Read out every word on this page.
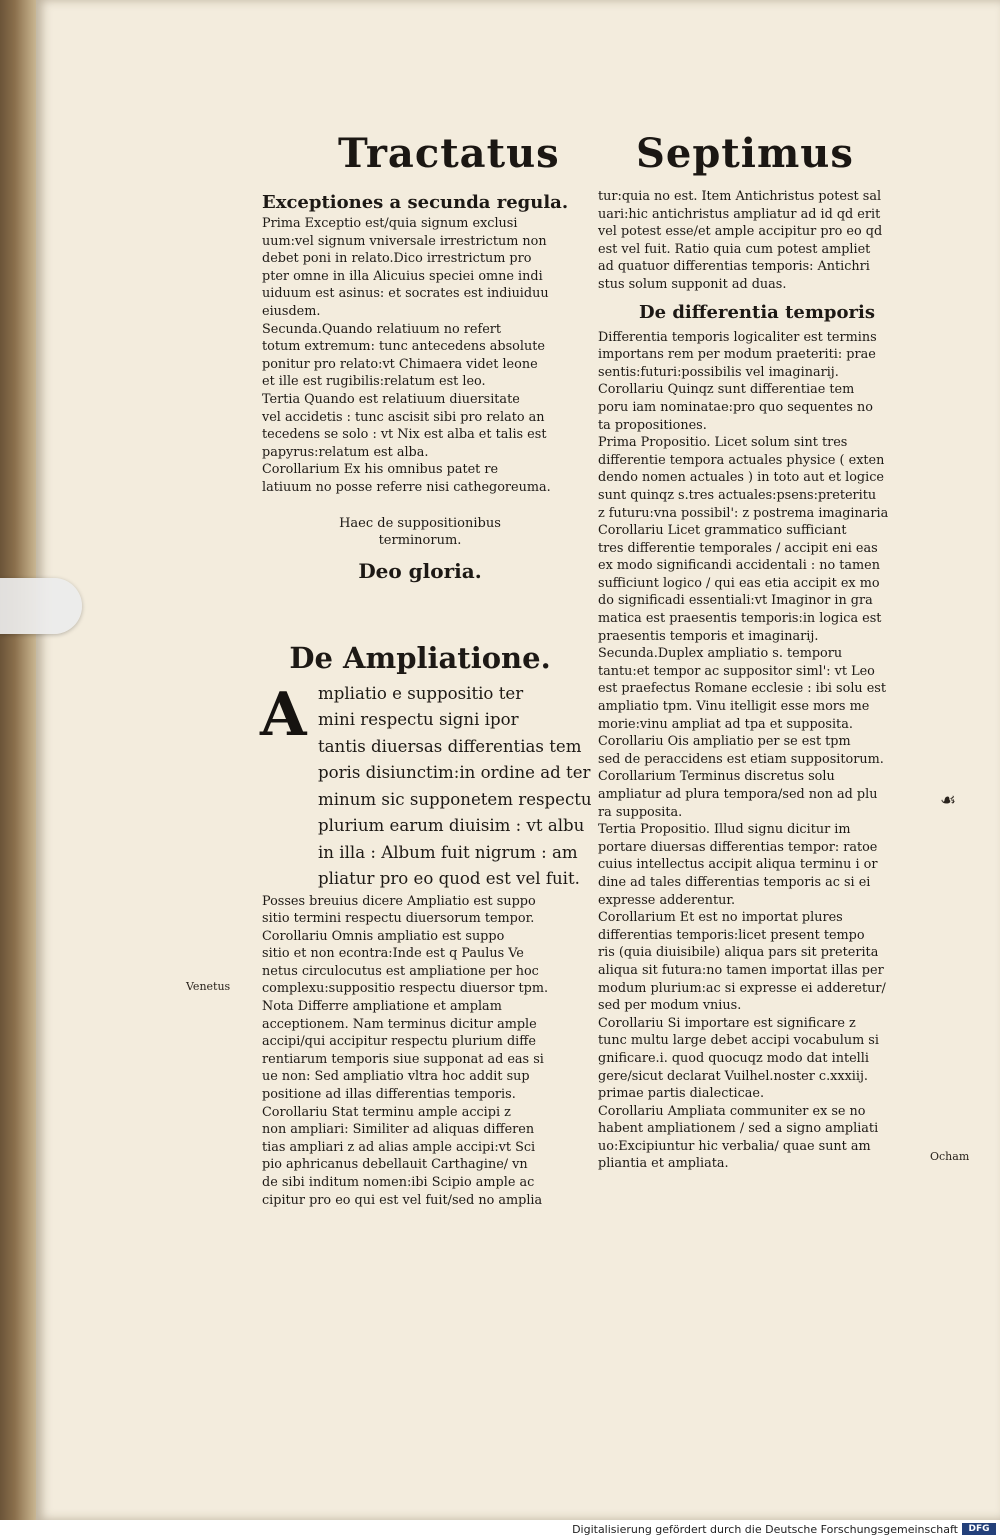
Tractatus Septimus

Exceptiones a secunda regula.

Prima Exceptio est/quia signum exclusi
uum:vel signum vniversale irrestrictum non
debet poni in relato.Dico irrestrictum pro
pter omne in illa Alicuius speciei omne indi
uiduum est asinus: et socrates est indiuiduu
eiusdem.
Secunda.Quando relatiuum no refert
totum extremum: tunc antecedens absolute
ponitur pro relato:vt Chimaera videt leone
et ille est rugibilis:relatum est leo.
Tertia Quando est relatiuum diuersitate
vel accidetis : tunc ascisit sibi pro relato an
tecedens se solo : vt Nix est alba et talis est
papyrus:relatum est alba.
Corollarium Ex his omnibus patet re
latiuum no posse referre nisi cathegoreuma.

Haec de suppositionibus
terminorum.

Deo gloria.

De Ampliatione.

A mpliatio e suppositio ter
mini respectu signi ipor
tantis diuersas differentias tem
poris disiunctim:in ordine ad ter
minum sic supponetem respectu
plurium earum diuisim : vt albu
in illa : Album fuit nigrum : am
pliatur pro eo quod est vel fuit.

Posses breuius dicere Ampliatio est suppo
sitio termini respectu diuersorum tempor.
Corollariu Omnis ampliatio est suppo
sitio et non econtra:Inde est q Paulus Ve
netus circulocutus est ampliatione per hoc
complexu:suppositio respectu diuersor tpm.
Nota Differre ampliatione et amplam
acceptionem. Nam terminus dicitur ample
accipi/qui accipitur respectu plurium diffe
rentiarum temporis siue supponat ad eas si
ue non: Sed ampliatio vltra hoc addit sup
positione ad illas differentias temporis.
Corollariu Stat terminu ample accipi z
non ampliari: Similiter ad aliquas differen
tias ampliari z ad alias ample accipi:vt Sci
pio aphricanus debellauit Carthagine/ vn
de sibi inditum nomen:ibi Scipio ample ac
cipitur pro eo qui est vel fuit/sed no amplia

tur:quia no est. Item Antichristus potest sal
uari:hic antichristus ampliatur ad id qd erit
vel potest esse/et ample accipitur pro eo qd
est vel fuit. Ratio quia cum potest ampliet
ad quatuor differentias temporis: Antichri
stus solum supponit ad duas.

De differentia temporis

Differentia temporis logicaliter est termins
importans rem per modum praeteriti: prae
sentis:futuri:possibilis vel imaginarij.
Corollariu Quinqz sunt differentiae tem
poru iam nominatae:pro quo sequentes no
ta propositiones.
Prima Propositio. Licet solum sint tres
differentie tempora actuales physice ( exten
dendo nomen actuales ) in toto aut et logice
sunt quinqz s.tres actuales:psens:preteritu
z futuru:vna possibil': z postrema imaginaria
Corollariu Licet grammatico sufficiant
tres differentie temporales / accipit eni eas
ex modo significandi accidentali : no tamen
sufficiunt logico / qui eas etia accipit ex mo
do significadi essentiali:vt Imaginor in gra
matica est praesentis temporis:in logica est
praesentis temporis et imaginarij.
Secunda.Duplex ampliatio s. temporu
tantu:et tempor ac suppositor siml': vt Leo
est praefectus Romane ecclesie : ibi solu est
ampliatio tpm. Vinu itelligit esse mors me
morie:vinu ampliat ad tpa et supposita.
Corollariu Ois ampliatio per se est tpm
sed de peraccidens est etiam suppositorum.
Corollarium Terminus discretus solu
ampliatur ad plura tempora/sed non ad plu
ra supposita.
Tertia Propositio. Illud signu dicitur im
portare diuersas differentias tempor: ratoe
cuius intellectus accipit aliqua terminu i or
dine ad tales differentias temporis ac si ei
expresse adderentur.
Corollarium Et est no importat plures
differentias temporis:licet present tempo
ris (quia diuisibile) aliqua pars sit preterita
aliqua sit futura:no tamen importat illas per
modum plurium:ac si expresse ei adderetur/
sed per modum vnius.
Corollariu Si importare est significare z
tunc multu large debet accipi vocabulum si
gnificare.i. quod quocuqz modo dat intelli
gere/sicut declarat Vuilhel.noster c.xxxiij.
primae partis dialecticae.
Corollariu Ampliata communiter ex se no
habent ampliationem / sed a signo ampliati
uo:Excipiuntur hic verbalia/ quae sunt am
pliantia et ampliata.

Venetus
Ocham
☙
Digitalisierung gefördert durch die Deutsche Forschungsgemeinschaft	DFG
